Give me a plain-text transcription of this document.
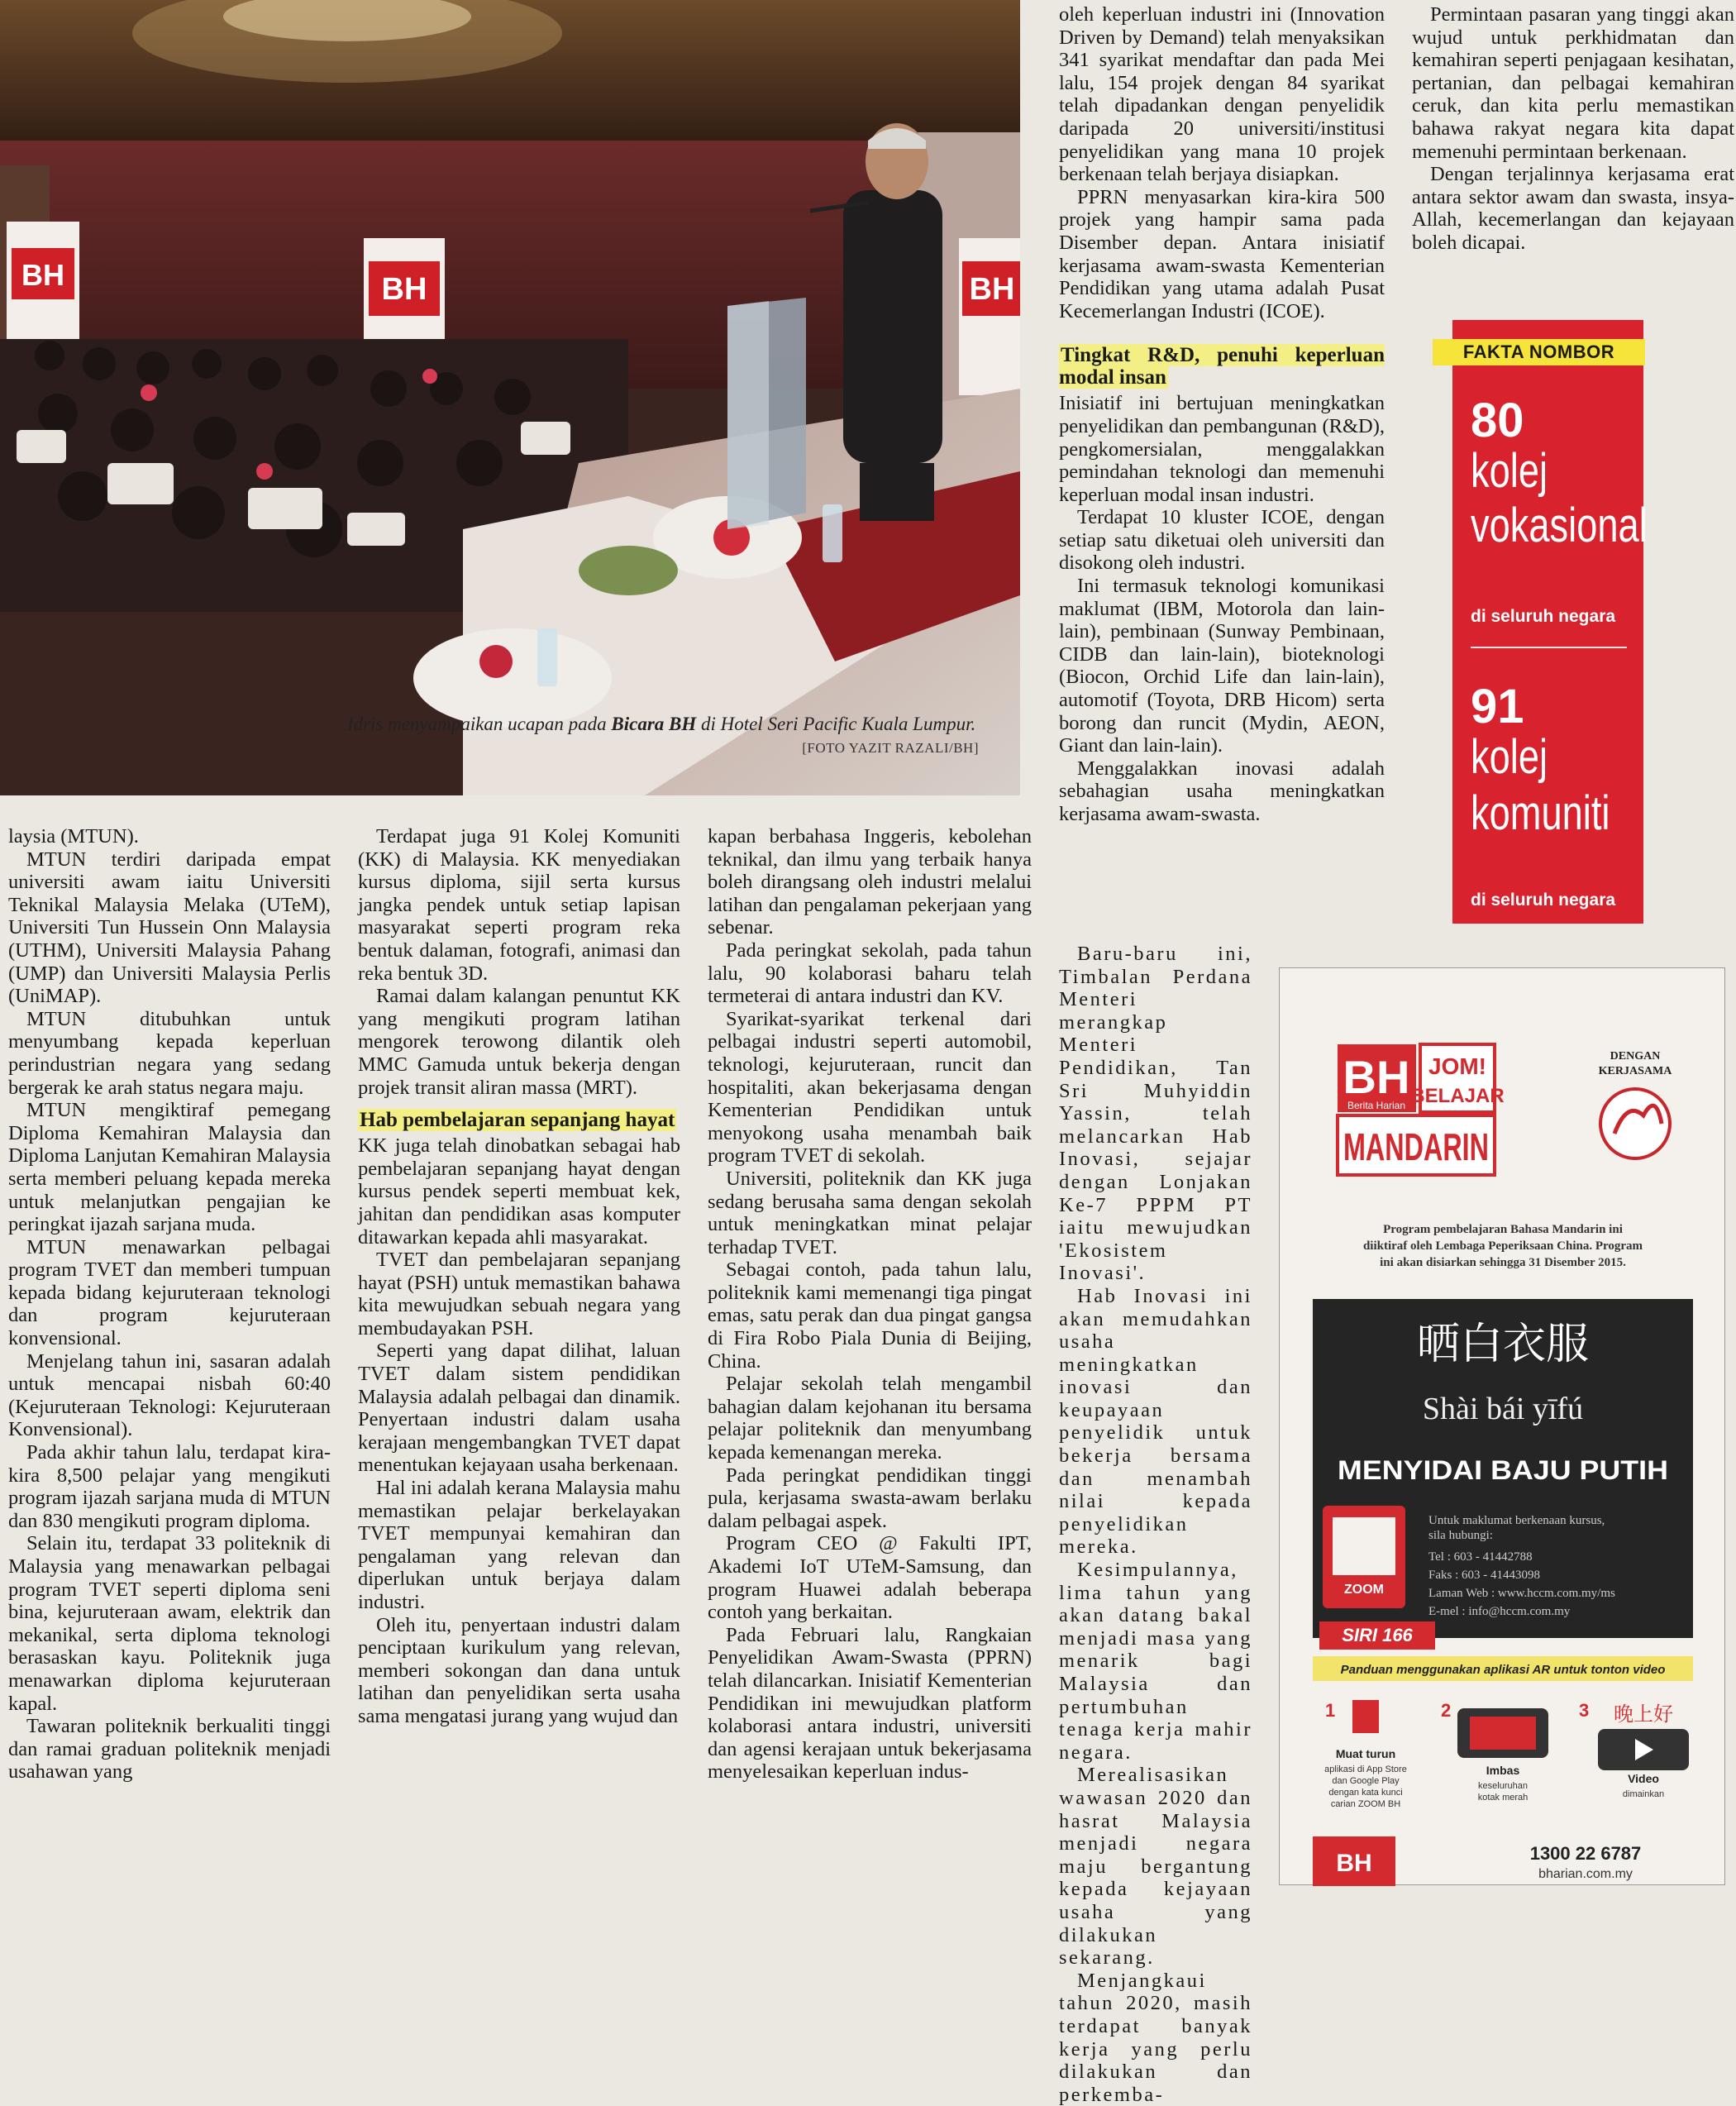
BH	BH	BH
Idris menyampaikan ucapan pada Bicara BH di Hotel Seri Pacific Kuala Lumpur.
[FOTO YAZIT RAZALI/BH]

laysia (MTUN).

MTUN terdiri daripada empat universiti awam iaitu Universiti Teknikal Malaysia Melaka (UTeM), Universiti Tun Hussein Onn Malaysia (UTHM), Universiti Malaysia Pahang (UMP) dan Universiti Malaysia Perlis (UniMAP).

MTUN ditubuhkan untuk menyumbang kepada keperluan perindustrian negara yang sedang bergerak ke arah status negara maju.

MTUN mengiktiraf pemegang Diploma Kemahiran Malaysia dan Diploma Lanjutan Kemahiran Malaysia serta memberi peluang kepada mereka untuk melanjutkan pengajian ke peringkat ijazah sarjana muda.

MTUN menawarkan pelbagai program TVET dan memberi tumpuan kepada bidang kejuruteraan teknologi dan program kejuruteraan konvensional.

Menjelang tahun ini, sasaran adalah untuk mencapai nisbah 60:40 (Kejuruteraan Teknologi: Kejuruteraan Konvensional).

Pada akhir tahun lalu, terdapat kira-kira 8,500 pelajar yang mengikuti program ijazah sarjana muda di MTUN dan 830 mengikuti program diploma.

Selain itu, terdapat 33 politeknik di Malaysia yang menawarkan pelbagai program TVET seperti diploma seni bina, kejuruteraan awam, elektrik dan mekanikal, serta diploma teknologi berasaskan kayu. Politeknik juga menawarkan diploma kejuruteraan kapal.

Tawaran politeknik berkualiti tinggi dan ramai graduan politeknik menjadi usahawan yang

Terdapat juga 91 Kolej Komuniti (KK) di Malaysia. KK menyediakan kursus diploma, sijil serta kursus jangka pendek untuk setiap lapisan masyarakat seperti program reka bentuk dalaman, fotografi, animasi dan reka bentuk 3D.

Ramai dalam kalangan penuntut KK yang mengikuti program latihan mengorek terowong dilantik oleh MMC Gamuda untuk bekerja dengan projek transit aliran massa (MRT).

Hab pembelajaran sepanjang hayat

KK juga telah dinobatkan sebagai hab pembelajaran sepanjang hayat dengan kursus pendek seperti membuat kek, jahitan dan pendidikan asas komputer ditawarkan kepada ahli masyarakat.

TVET dan pembelajaran sepanjang hayat (PSH) untuk memastikan bahawa kita mewujudkan sebuah negara yang membudayakan PSH.

Seperti yang dapat dilihat, laluan TVET dalam sistem pendidikan Malaysia adalah pelbagai dan dinamik. Penyertaan industri dalam usaha kerajaan mengembangkan TVET dapat menentukan kejayaan usaha berkenaan.

Hal ini adalah kerana Malaysia mahu memastikan pelajar berkelayakan TVET mempunyai kemahiran dan pengalaman yang relevan dan diperlukan untuk berjaya dalam industri.

Oleh itu, penyertaan industri dalam penciptaan kurikulum yang relevan, memberi sokongan dan dana untuk latihan dan penyelidikan serta usaha sama mengatasi jurang yang wujud dan

kapan berbahasa Inggeris, kebolehan teknikal, dan ilmu yang terbaik hanya boleh dirangsang oleh industri melalui latihan dan pengalaman pekerjaan yang sebenar.

Pada peringkat sekolah, pada tahun lalu, 90 kolaborasi baharu telah termeterai di antara industri dan KV.

Syarikat-syarikat terkenal dari pelbagai industri seperti automobil, teknologi, kejuruteraan, runcit dan hospitaliti, akan bekerjasama dengan Kementerian Pendidikan untuk menyokong usaha menambah baik program TVET di sekolah.

Universiti, politeknik dan KK juga sedang berusaha sama dengan sekolah untuk meningkatkan minat pelajar terhadap TVET.

Sebagai contoh, pada tahun lalu, politeknik kami memenangi tiga pingat emas, satu perak dan dua pingat gangsa di Fira Robo Piala Dunia di Beijing, China.

Pelajar sekolah telah mengambil bahagian dalam kejohanan itu bersama pelajar politeknik dan menyumbang kepada kemenangan mereka.

Pada peringkat pendidikan tinggi pula, kerjasama swasta-awam berlaku dalam pelbagai aspek.

Program CEO @ Fakulti IPT, Akademi IoT UTeM-Samsung, dan program Huawei adalah beberapa contoh yang berkaitan.

Pada Februari lalu, Rangkaian Penyelidikan Awam-Swasta (PPRN) telah dilancarkan. Inisiatif Kementerian Pendidikan ini mewujudkan platform kolaborasi antara industri, universiti dan agensi kerajaan untuk bekerjasama menyelesaikan keperluan indus-

oleh keperluan industri ini (Innovation Driven by Demand) telah menyaksikan 341 syarikat mendaftar dan pada Mei lalu, 154 projek dengan 84 syarikat telah dipadankan dengan penyelidik daripada 20 universiti/institusi penyelidikan yang mana 10 projek berkenaan telah berjaya disiapkan.

PPRN menyasarkan kira-kira 500 projek yang hampir sama pada Disember depan. Antara inisiatif kerjasama awam-swasta Kementerian Pendidikan yang utama adalah Pusat Kecemerlangan Industri (ICOE).

Tingkat R&D, penuhi keperluan modal insan

Inisiatif ini bertujuan meningkatkan penyelidikan dan pembangunan (R&D), pengkomersialan, menggalakkan pemindahan teknologi dan memenuhi keperluan modal insan industri.

Terdapat 10 kluster ICOE, dengan setiap satu diketuai oleh universiti dan disokong oleh industri.

Ini termasuk teknologi komunikasi maklumat (IBM, Motorola dan lain-lain), pembinaan (Sunway Pembinaan, CIDB dan lain-lain), bioteknologi (Biocon, Orchid Life dan lain-lain), automotif (Toyota, DRB Hicom) serta borong dan runcit (Mydin, AEON, Giant dan lain-lain).

Menggalakkan inovasi adalah sebahagian usaha meningkatkan kerjasama awam-swasta.

Baru-baru ini, Timbalan Perdana Menteri merangkap Menteri Pendidikan, Tan Sri Muhyiddin Yassin, telah melancarkan Hab Inovasi, sejajar dengan Lonjakan Ke-7 PPPM PT iaitu mewujudkan 'Ekosistem Inovasi'.

Hab Inovasi ini akan memudahkan usaha meningkatkan inovasi dan keupayaan penyelidik untuk bekerja bersama dan menambah nilai kepada penyelidikan mereka.

Kesimpulannya, lima tahun yang akan datang bakal menjadi masa yang menarik bagi Malaysia dan pertumbuhan tenaga kerja mahir negara.

Merealisasikan wawasan 2020 dan hasrat Malaysia menjadi negara maju bergantung kepada kejayaan usaha yang dilakukan sekarang.

Menjangkaui tahun 2020, masih terdapat banyak kerja yang perlu dilakukan dan perkemba-

Permintaan pasaran yang tinggi akan wujud untuk perkhidmatan dan kemahiran seperti penjagaan kesihatan, pertanian, dan pelbagai kemahiran ceruk, dan kita perlu memastikan bahawa rakyat negara kita dapat memenuhi permintaan berkenaan.

Dengan terjalinnya kerjasama erat antara sektor awam dan swasta, insya-Allah, kecemerlangan dan kejayaan boleh dicapai.

FAKTA NOMBOR
80
kolej
vokasional
di seluruh negara
91
kolej
komuniti
di seluruh negara
BH
Berita Harian
JOM!
BELAJAR
MANDARIN
DENGAN
KERJASAMA
Program pembelajaran Bahasa Mandarin ini
diiktiraf oleh Lembaga Peperiksaan China. Program
ini akan disiarkan sehingga 31 Disember 2015.
晒白衣服
Shài bái yīfú
MENYIDAI BAJU PUTIH
Untuk maklumat berkenaan kursus,
sila hubungi:
Tel : 603 - 41442788
Faks : 603 - 41443098
Laman Web : www.hccm.com.my/ms
E-mel : info@hccm.com.my
ZOOM
SIRI 166
Panduan menggunakan aplikasi AR untuk tonton video
1
Muat turun
aplikasi di App Store
dan Google Play
dengan kata kunci
carian ZOOM BH
2
Imbas
keseluruhan
kotak merah
3 晚上好
Video
dimainkan
BH	1300 22 6787
bharian.com.my
